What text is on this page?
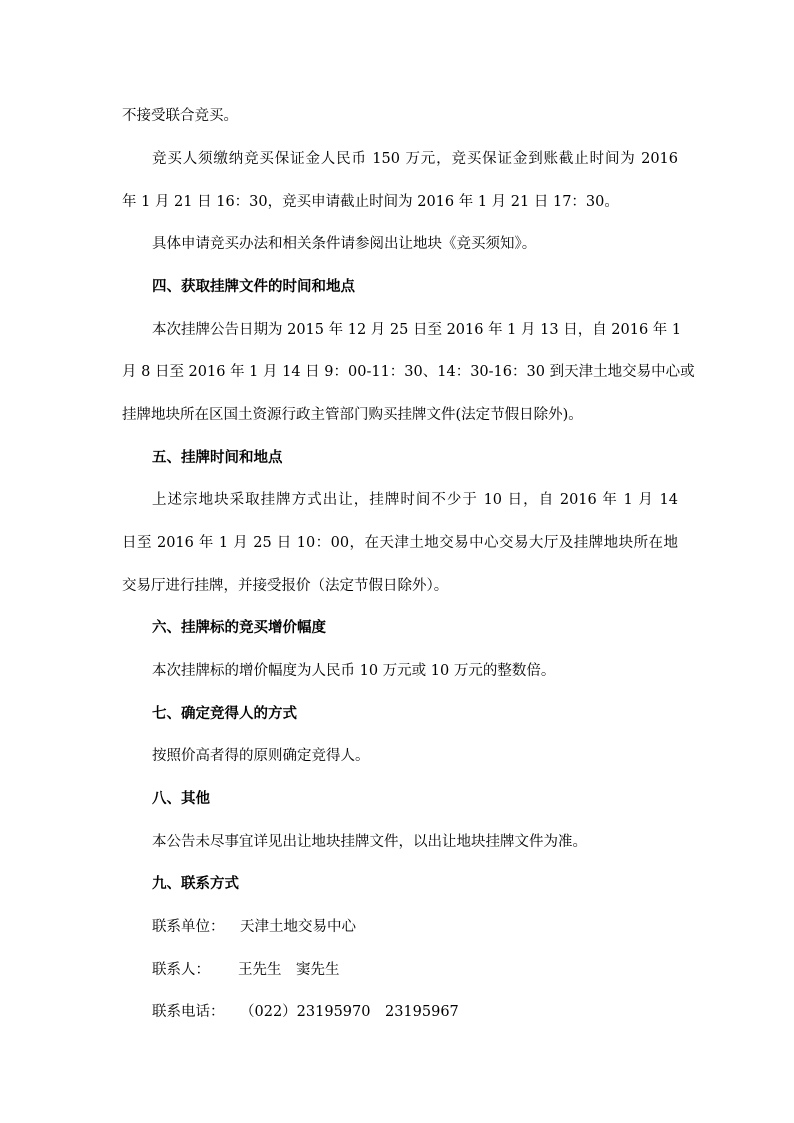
不接受联合竞买。
竞买人须缴纳竞买保证金人民币 150 万元，竞买保证金到账截止时间为 2016
年 1 月 21 日 16：30，竞买申请截止时间为 2016 年 1 月 21 日 17：30。
具体申请竞买办法和相关条件请参阅出让地块《竞买须知》。
四、获取挂牌文件的时间和地点
本次挂牌公告日期为 2015 年 12 月 25 日至 2016 年 1 月 13 日，自 2016 年 1
月 8 日至 2016 年 1 月 14 日 9：00-11：30、14：30-16：30 到天津土地交易中心或
挂牌地块所在区国土资源行政主管部门购买挂牌文件(法定节假日除外)。
五、挂牌时间和地点
上述宗地块采取挂牌方式出让，挂牌时间不少于 10 日，自 2016 年 1 月 14
日至 2016 年 1 月 25 日 10：00，在天津土地交易中心交易大厅及挂牌地块所在地
交易厅进行挂牌，并接受报价（法定节假日除外）。
六、挂牌标的竞买增价幅度
本次挂牌标的增价幅度为人民币 10 万元或 10 万元的整数倍。
七、确定竞得人的方式
按照价高者得的原则确定竞得人。
八、其他
本公告未尽事宜详见出让地块挂牌文件，以出让地块挂牌文件为准。
九、联系方式
联系单位： 天津土地交易中心
联系人： 王先生　窦先生
联系电话： （022）23195970　23195967
